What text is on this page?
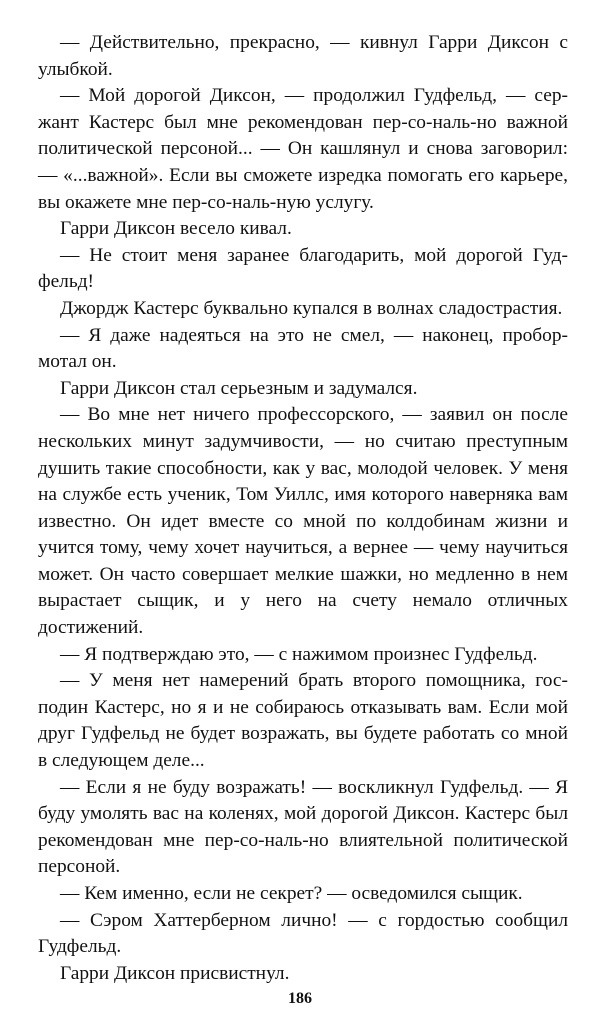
— Действительно, прекрасно, — кивнул Гарри Диксон с улыбкой.

— Мой дорогой Диксон, — продолжил Гудфельд, — сержант Кастерс был мне рекомендован пер-со-наль-но важной политической персоной... — Он кашлянул и снова заговорил: — «...важной». Если вы сможете изредка помогать его карьере, вы окажете мне пер-со-наль-ную услугу.

Гарри Диксон весело кивал.

— Не стоит меня заранее благодарить, мой дорогой Гудфельд!

Джордж Кастерс буквально купался в волнах сладострастия.

— Я даже надеяться на это не смел, — наконец, пробормотал он.

Гарри Диксон стал серьезным и задумался.

— Во мне нет ничего профессорского, — заявил он после нескольких минут задумчивости, — но считаю преступным душить такие способности, как у вас, молодой человек. У меня на службе есть ученик, Том Уиллс, имя которого наверняка вам известно. Он идет вместе со мной по колдобинам жизни и учится тому, чему хочет научиться, а вернее — чему научиться может. Он часто совершает мелкие шажки, но медленно в нем вырастает сыщик, и у него на счету немало отличных достижений.

— Я подтверждаю это, — с нажимом произнес Гудфельд.

— У меня нет намерений брать второго помощника, господин Кастерс, но я и не собираюсь отказывать вам. Если мой друг Гудфельд не будет возражать, вы будете работать со мной в следующем деле...

— Если я не буду возражать! — воскликнул Гудфельд. — Я буду умолять вас на коленях, мой дорогой Диксон. Кастерс был рекомендован мне пер-со-наль-но влиятельной политической персоной.

— Кем именно, если не секрет? — осведомился сыщик.

— Сэром Хаттерберном лично! — с гордостью сообщил Гудфельд.

Гарри Диксон присвистнул.

186
